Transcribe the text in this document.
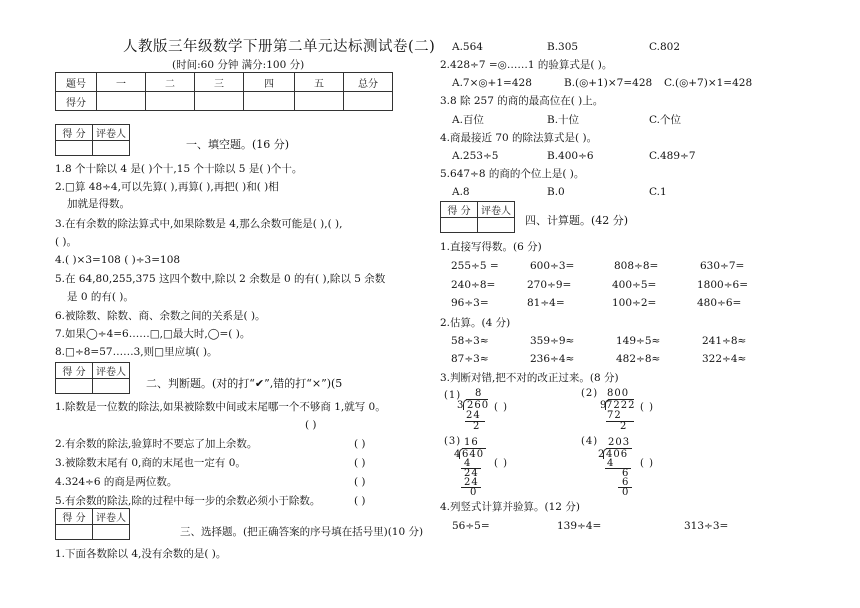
人教版三年级数学下册第二单元达标测试卷(二)
(时间:60 分钟 满分:100 分)
题号	一	二	三	四	五	总分
得分						
得 分	评卷人

一、填空题。(16 分)
1.8 个十除以 4 是( )个十,15 个十除以 5 是( )个十。
2.□算 48÷4,可以先算( ),再算( ),再把( )和( )相
加就是得数。
3.在有余数的除法算式中,如果除数是 4,那么余数可能是( ),( ),
( )。
4.( )×3=108 ( )÷3=108
5.在 64,80,255,375 这四个数中,除以 2 余数是 0 的有( ),除以 5 余数
是 0 的有( )。
6.被除数、除数、商、余数之间的关系是( )。
7.如果◯÷4=6……□,□最大时,◯=( )。
8.□÷8=57……3,则□里应填( )。
得 分	评卷人

二、判断题。(对的打“✔”,错的打“×”)(5
1.除数是一位数的除法,如果被除数中间或末尾哪一个不够商 1,就写 0。
( )
2.有余数的除法,验算时不要忘了加上余数。	( )
3.被除数末尾有 0,商的末尾也一定有 0。	( )
4.324÷6 的商是两位数。	( )
5.有余数的除法,除的过程中每一步的余数必须小于除数。	( )
得 分	评卷人

三、选择题。(把正确答案的序号填在括号里)(10 分)
1.下面各数除以 4,没有余数的是( )。
A.564	B.305	C.802
2.428÷7 =◎……1 的验算式是( )。
A.7×◎+1=428	B.(◎+1)×7=428 C.(◎+7)×1=428
3.8 除 257 的商的最高位在( )上。
A.百位	B.十位	C.个位
4.商最接近 70 的除法算式是( )。
A.253÷5	B.400÷6	C.489÷7
5.647÷8 的商的个位上是( )。
A.8	B.0	C.1
得 分	评卷人

四、计算题。(42 分)
1.直接写得数。(6 分)
255÷5 =	600÷3=	808÷8=	630÷7=
240÷8=	270÷9=	400÷5=	1800÷6=
96÷3=	81÷4=	100÷2=	480÷6=
2.估算。(4 分)
58÷3≈	359÷9≈	149÷5≈	241÷8≈
87÷3≈	236÷4≈	482÷8≈	322÷4≈
3.判断对错,把不对的改正过来。(8 分)
(1) 8
3 260
24
2
( )
(2) 800
9
7222
72
2
( )
(3) 16
4 640
4
24
24
0
( )
(4) 203
2 406
4
6
6
0
( )
4.列竖式计算并验算。(12 分)
56÷5=	139÷4=	313÷3=
